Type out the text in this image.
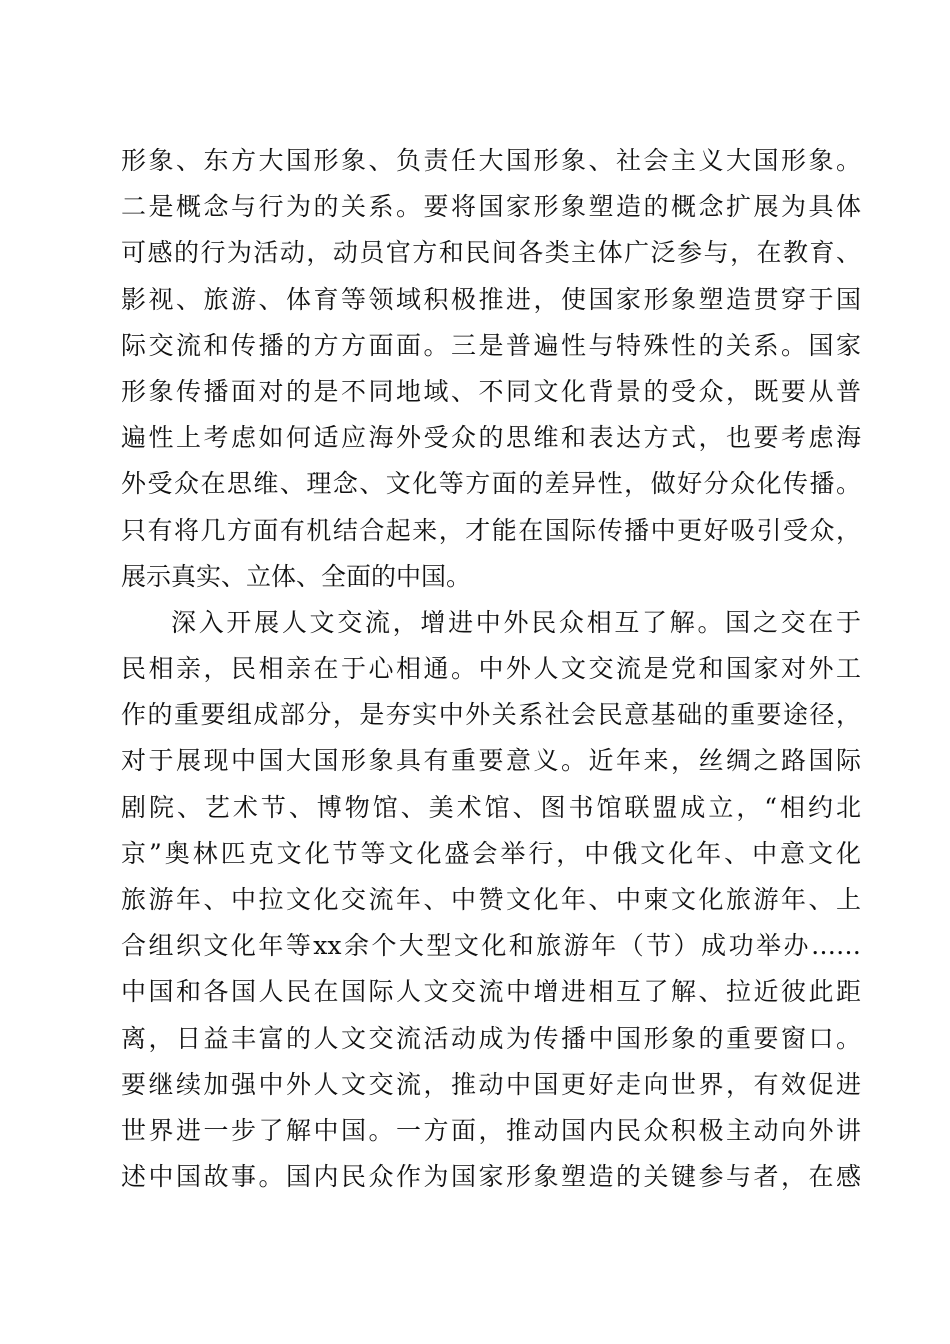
形象、东方大国形象、负责任大国形象、社会主义大国形象。
二是概念与行为的关系。要将国家形象塑造的概念扩展为具体
可感的行为活动，动员官方和民间各类主体广泛参与，在教育、
影视、旅游、体育等领域积极推进，使国家形象塑造贯穿于国
际交流和传播的方方面面。三是普遍性与特殊性的关系。国家
形象传播面对的是不同地域、不同文化背景的受众，既要从普
遍性上考虑如何适应海外受众的思维和表达方式，也要考虑海
外受众在思维、理念、文化等方面的差异性，做好分众化传播。
只有将几方面有机结合起来，才能在国际传播中更好吸引受众，
展示真实、立体、全面的中国。
深入开展人文交流，增进中外民众相互了解。国之交在于
民相亲，民相亲在于心相通。中外人文交流是党和国家对外工
作的重要组成部分，是夯实中外关系社会民意基础的重要途径，
对于展现中国大国形象具有重要意义。近年来，丝绸之路国际
剧院、艺术节、博物馆、美术馆、图书馆联盟成立，“相约北
京”奥林匹克文化节等文化盛会举行，中俄文化年、中意文化
旅游年、中拉文化交流年、中赞文化年、中柬文化旅游年、上
合组织文化年等xx余个大型文化和旅游年（节）成功举办……
中国和各国人民在国际人文交流中增进相互了解、拉近彼此距
离，日益丰富的人文交流活动成为传播中国形象的重要窗口。
要继续加强中外人文交流，推动中国更好走向世界，有效促进
世界进一步了解中国。一方面，推动国内民众积极主动向外讲
述中国故事。国内民众作为国家形象塑造的关键参与者，在感
